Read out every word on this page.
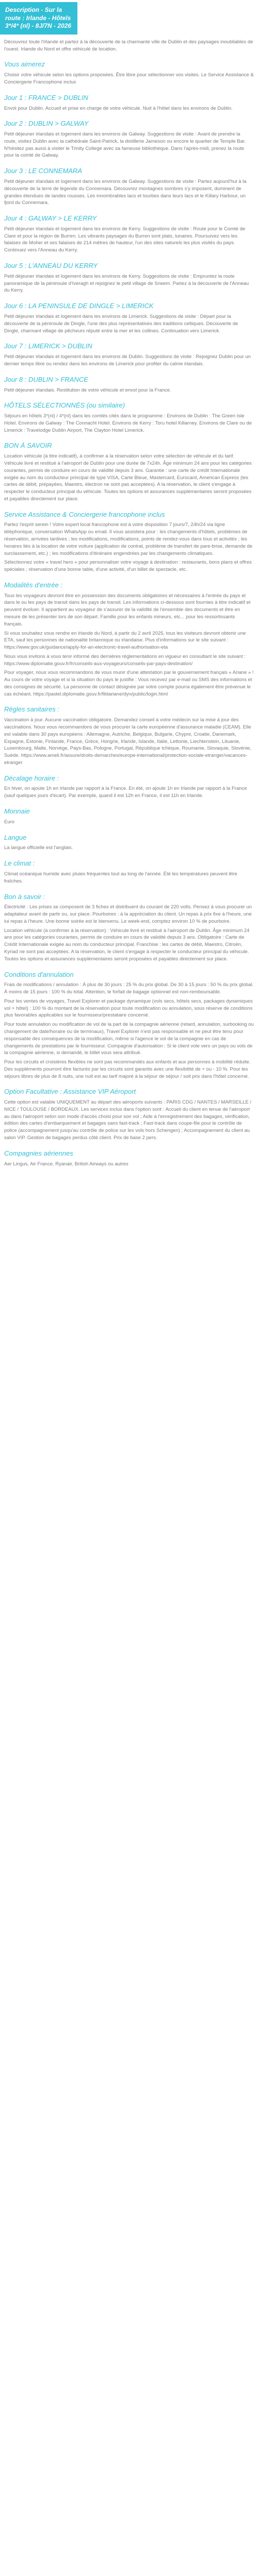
Description - Sur la route : Irlande - Hôtels 3*/4* (nl) - 8J/7N - 2026

Découvrez toute l'Irlande et partez à la découverte de la charmante ville de Dublin et des paysages inoubliables de l'ouest. Irlande du Nord et offre véhiculé de location.

Vous aimerez

Choisir votre véhicule selon les options proposées. Être libre pour sélectionner vos visites. Le Service Assistance & Conciergerie Francophone inclus

Jour 1 : FRANCE > DUBLIN

Envol pour Dublin. Accueil et prise en charge de votre véhicule. Nuit à l'hôtel dans les environs de Dublin.

Jour 2 : DUBLIN > GALWAY

Petit déjeuner irlandais et logement dans les environs de Galway. Suggestions de visite : Avant de prendre la route, visitez Dublin avec la cathédrale Saint-Patrick, la distillerie Jameson ou encore le quartier de Temple Bar. N'hésitez pas aussi à visiter le Trinity College avec sa fameuse bibliothèque. Dans l'après-midi, prenez la route pour la cointé de Galway.

Jour 3 : LE CONNEMARA

Petit déjeuner irlandais et logement dans les environs de Galway. Suggestions de visite : Partez aujourd'hui à la découverte de la terre de légende du Connemara. Découvrez montagnes sombres s'y imposent, dominent de grandes étendues de landes rousses. Les innombrables lacs et tourbes dans leurs lacs et le Killary Harbour, un fjord du Connemara.

Jour 4 : GALWAY > LE KERRY

Petit déjeuner irlandais et logement dans les environs de Kerry. Suggestions de visite : Route pour le Comté de Clare et pour la région de Burren. Les vibrants paysages du Burren sont plats, lunaires. Poursuivez vers les falaises de Moher et ses falaises de 214 mètres de hauteur, l'un des sites naturels les plus visités du pays. Continuez vers l'Anneau du Kerry.

Jour 5 : L'ANNEAU DU KERRY

Petit déjeuner irlandais et logement dans les environs de Kerry. Suggestions de visite : Empruntez la route panoramique de la péninsule d'Iveragh et rejoignez le petit village de Sneem. Partez à la découverte de l'Anneau du Kerry.

Jour 6 : LA PENINSULE DE DINGLE > LIMERICK

Petit déjeuner irlandais et logement dans les environs de Limerick. Suggestions de visite : Départ pour la découverte de la péninsule de Dingle, l'une des plus représentatives des traditions celtiques. Découverte de Dingle, charmant village de pêcheurs réputé entre la mer et les collines. Continuation vers Limerick.

Jour 7 : LIMERICK > DUBLIN

Petit déjeuner irlandais et logement dans les environs de Dublin. Suggestions de visite : Rejoignez Dublin pour un dernier temps libre ou rendez dans les environs de Limerick pour profiter du calme irlandais.

Jour 8 : DUBLIN > FRANCE

Petit déjeuner irlandais. Restitution de votre véhicule et envol pour la France.

HÔTELS SÉLECTIONNÉS (ou similaire)

Séjours en hôtels 3*(nl) / 4*(nl) dans les comtés cités dans le programme : Environs de Dublin : The Green Isle Hotel. Environs de Galway : The Connacht Hotel. Environs de Kerry : Toru hotel Killarney. Environs de Clare ou de Limerick : Travelodge Dublin Airport, The Clayton Hotel Limerick.

BON À SAVOIR

Location véhicule (à titre indicatif), à confirmer à la réservation selon votre sélection de véhicule et du tarif. Véhicule livré et restitué à l'aéroport de Dublin pour une durée de 7x24h. Âge minimum 24 ans pour les catégories courantes, permis de conduire en cours de validité depuis 3 ans. Garantie : une carte de crédit Internationale exigée au nom du conducteur principal de type VISA, Carte Bleue, Mastercard, Eurocard, American Express (les cartes de débit, prépayées, Maestro, électron ne sont pas acceptées). A la réservation, le client s'engage à respecter le conducteur principal du véhicule. Toutes les options et assurances supplémentaires seront proposées et payables directement sur place.

Service Assistance & Conciergerie francophone inclus

Partez l'esprit serein ! Votre expert local francophone est à votre disposition 7 jours/7, 24h/24 via ligne téléphonique, conversation WhatsApp ou email. Il vous assistera pour : les changements d'hôtels, problèmes de réservation, arrivées tardives ; les modifications, modifications, points de rendez-vous dans tous et activités ; les horaires liés à la location de votre voiture (application de contrat, problème de transfert de pare-brise, demande de surclassement, etc.) ; les modifications d'itinéraire engendrées par les changements climatiques.

Sélectionnez votre « travel hero » pour personnaliser votre voyage à destination : restaurants, bons plans et offres spéciales ; réservation d'une bonne table, d'une activité, d'un billet de spectacle, etc.

Modalités d'entrée :

Tous les voyageurs devront être en possession des documents obligatoires et nécessaires à l'entrée du pays et dans le ou les pays de transit dans les pays de transit. Les informations ci-dessous sont fournies à titre indicatif et peuvent évoluer. Il appartient au voyageur de s'assurer de la validité de l'ensemble des documents et être en mesure de les présenter lors de son départ. Famille pour les enfants mineurs, etc... pour les ressortissants français.

Si vous souhaitez vous rendre en Irlande du Nord, à partir du 2 avril 2025, tous les visiteurs devront obtenir une ETA, sauf les personnes de nationalité britannique ou irlandaise. Plus d'informations sur le site suivant : https://www.gov.uk/guidance/apply-for-an-electronic-travel-authorisation-eta

Nous vous invitons à vous tenir informé des dernières réglementations en vigueur en consultant le site suivant : https://www.diplomatie.gouv.fr/fr/conseils-aux-voyageurs/conseils-par-pays-destination/

Pour voyager, nous vous recommandons de vous munir d'une attestation par le gouvernement français « Ariane » ! Au cours de votre voyage et si la situation du pays le justifie : Vous recevez par e-mail ou SMS des informations et des consignes de sécurité. La personne de contact désignée par votre compte pourra également être prévenue le cas échéant. https://pastel.diplomatie.gouv.fr/fildariane/dyn/public/login.html

Règles sanitaires :

Vaccination à jour. Aucune vaccination obligatoire. Demandez conseil à votre médecin sur la mise à jour des vaccinations. Nous vous recommandons de vous procurer la carte européenne d'assurance maladie (CEAM). Elle est valable dans 30 pays européens : Allemagne, Autriche, Belgique, Bulgarie, Chypre, Croatie, Danemark, Espagne, Estonie, Finlande, France, Grèce, Hongrie, Irlande, Islande, Italie, Lettonie, Liechtenstein, Lituanie, Luxembourg, Malte, Norvège, Pays-Bas, Pologne, Portugal, République tchèque, Roumanie, Slovaquie, Slovénie, Suède. https://www.ameli.fr/assure/droits-demarches/europe-international/protection-sociale-etranger/vacances-etranger

Décalage horaire :

En hiver, on ajoute 1h en Irlande par rapport à la France. En été, on ajoute 1h en Irlande par rapport à la France (sauf quelques jours d'écart). Par exemple, quand il est 12h en France, il est 11h en Irlande.

Monnaie

Euro

Langue

La langue officielle est l'anglais.

Le climat :

Climat océanique humide avec pluies fréquentes tout au long de l'année. Été les températures peuvent être fraîches.

Bon à savoir :

Électricité : Les prises se composent de 3 fiches et distribuent du courant de 220 volts. Pensez à vous procurer un adaptateur avant de partir ou, sur place. Pourboires : à la appréciation du client. Un repas à prix fixe à l'heure, une lui repas à l'heure. Une bonne soirée est le bienvenu. Le week-end, comptez environ 10 % de pourboire.

Location véhicule (à confirmer à la réservation) : Véhicule livré et restitué à l'aéroport de Dublin. Âge minimum 24 ans pour les catégories courantes, permis de conduire en cours de validité depuis 3 ans. Obligatoire : Carte de Crédit Internationale exigée au nom du conducteur principal. Franchise : les cartes de débit, Maestro, Citroën, Kyriad ne sont pas acceptées. A la réservation, le client s'engage à respecter le conducteur principal du véhicule. Toutes les options et assurances supplémentaires seront proposées et payables directement sur place.

Conditions d'annulation

Frais de modifications / annulation : À plus de 30 jours : 25 % du prix global. De 30 à 15 jours : 50 % du prix global. À moins de 15 jours : 100 % du total. Attention, le forfait de bagage optionnel est non-remboursable.

Pour les ventes de voyages, Travel Explorer et package dynamique (vols secs, hôtels secs, packages dynamiques vol + hôtel) : 100 % du montant de la réservation pour toute modification ou annulation, sous réserve de conditions plus favorables applicables sur le fournisseur/prestataire concerné.

Pour toute annulation ou modification de vol de la part de la compagnie aérienne (retard, annulation, surbooking ou changement de date/horaire ou de terminaux), Travel Explorer n'est pas responsable et ne peut être tenu pour responsable des conséquences de la modification, même si l'agence le vol de la compagnie en cas de changements de prestations par le fournisseur. Compagnie d'autorisation : Si le client vole vers un pays ou vols de la compagnie aérienne, si demandé, le billet vous sera attribué.

Pour les circuits et croisières flexibles ne sont pas recommandés aux enfants et aux personnes à mobilité réduite. Des suppléments pourront être facturés par les circuits sont garantis avec une flexibilité de + ou - 10 %. Pour les séjours libres de plus de 8 nuits, une nuit est au tarif majoré à la séjour de séjour / soit prix dans l'hôtel concerné.

Option Facultative : Assistance VIP Aéroport

Cette option est valable UNIQUEMENT au départ des aéroports suivants : PARIS CDG / NANTES / MARSEILLE / NICE / TOULOUSE / BORDEAUX. Les services inclus dans l'option sont : Accueil du client en tenue de l'aéroport au dans l'aéroport selon son mode d'accès choisi pour son vol ; Aide à l'enregistrement des bagages, vérification, édition des cartes d'embarquement et bagages sans fast-track ; Fast-track dans coupe-file pour le contrôle de police (accompagnement jusqu'au contrôle de police sur les vols hors Schengen) ; Accompagnement du client au salon VIP. Gestion de bagages perdus côté client. Prix de base 2 pers.

Compagnies aériennes

Aer Lingus, Air France, Ryanair, British Airways ou autres
